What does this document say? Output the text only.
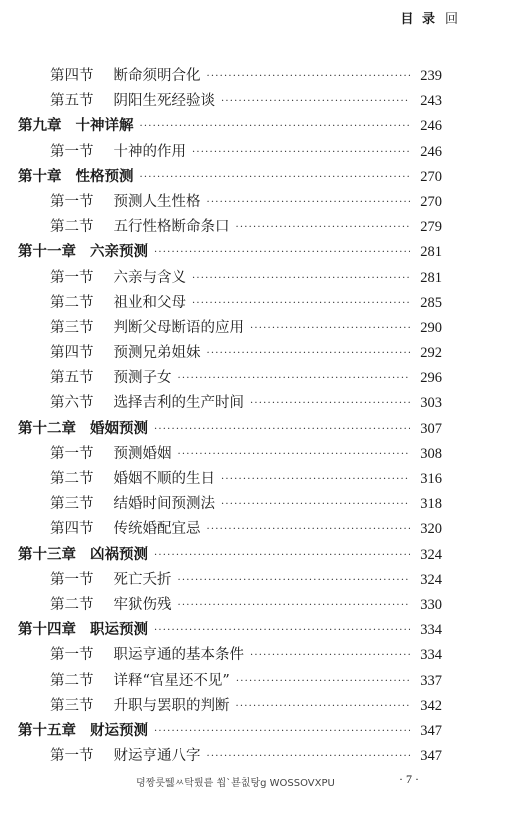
目 录 回
第四节 断命须明合化 ·····	239
第五节 阴阳生死经验谈 ·····	243
第九章 十神详解 ·····	246
第一节 十神的作用 ·····	246
第十章 性格预测 ·····	270
第一节 预测人生性格 ·····	270
第二节 五行性格断命条口 ·····	279
第十一章 六亲预测 ·····	281
第一节 六亲与含义 ·····	281
第二节 祖业和父母 ·····	285
第三节 判断父母断语的应用 ·····	290
第四节 预测兄弟姐妹 ·····	292
第五节 预测子女 ·····	296
第六节 选择吉利的生产时间 ·····	303
第十二章 婚姻预测 ·····	307
第一节 预测婚姻 ·····	308
第二节 婚姻不顺的生日 ·····	316
第三节 结婚时间预测法 ·····	318
第四节 传统婚配宜忌 ·····	320
第十三章 凶祸预测 ·····	324
第一节 死亡夭折 ·····	324
第二节 牢狱伤残 ·····	330
第十四章 职运预测 ·····	334
第一节 职运亨通的基本条件 ·····	334
第二节 详释“官星还不见” ·····	337
第三节 升职与罢职的判断 ·····	342
第十五章 财运预测 ·····	347
第一节 财运亨通八字 ·····	347
뎡짱룻뛣ㅆ탁뤘릍 쐽ˋ뵫칪탕g WOSSOVXPU	· 7 ·
